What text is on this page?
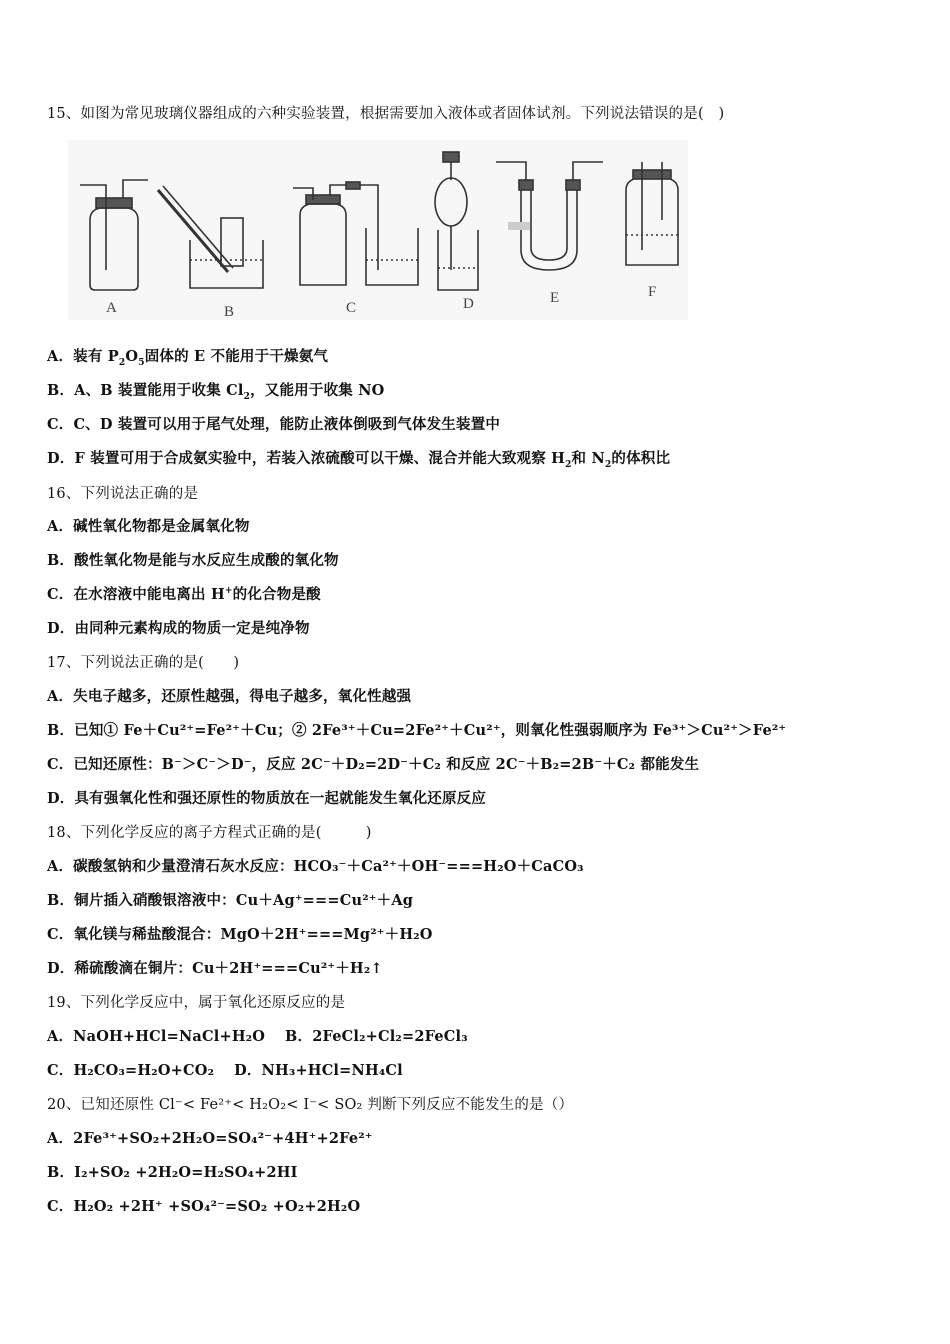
15、如图为常见玻璃仪器组成的六种实验装置，根据需要加入液体或者固体试剂。下列说法错误的是(　)
A	B	C	D	E	F
A．装有 $P_2O_5$固体的 E 不能用于干燥氨气
B．A、B 装置能用于收集 $Cl_2$，又能用于收集 NO
C．C、D 装置可以用于尾气处理，能防止液体倒吸到气体发生装置中
D．F 装置可用于合成氨实验中，若装入浓硫酸可以干燥、混合并能大致观察 $H_2$和 $N_2$的体积比
16、下列说法正确的是
A．碱性氧化物都是金属氧化物
B．酸性氧化物是能与水反应生成酸的氧化物
C．在水溶液中能电离出 H+的化合物是酸
D．由同种元素构成的物质一定是纯净物
17、下列说法正确的是(　　)
A．失电子越多，还原性越强，得电子越多，氧化性越强
B．已知① Fe＋Cu²⁺=Fe²⁺＋Cu；② 2Fe³⁺＋Cu=2Fe²⁺＋Cu²⁺，则氧化性强弱顺序为 Fe³⁺＞Cu²⁺＞Fe²⁺
C．已知还原性：B⁻＞C⁻＞D⁻，反应 2C⁻＋D₂=2D⁻＋C₂ 和反应 2C⁻＋B₂=2B⁻＋C₂ 都能发生
D．具有强氧化性和强还原性的物质放在一起就能发生氧化还原反应
18、下列化学反应的离子方程式正确的是(　　　)
A．碳酸氢钠和少量澄清石灰水反应：HCO₃⁻＋Ca²⁺＋OH⁻===H₂O＋CaCO₃
B．铜片插入硝酸银溶液中：Cu＋Ag⁺===Cu²⁺＋Ag
C．氧化镁与稀盐酸混合：MgO＋2H⁺===Mg²⁺＋H₂O
D．稀硫酸滴在铜片：Cu＋2H⁺===Cu²⁺＋H₂↑
19、下列化学反应中，属于氧化还原反应的是
A．NaOH+HCl=NaCl+H₂O　 B．2FeCl₂+Cl₂=2FeCl₃
C．H₂CO₃=H₂O+CO₂　 D．NH₃+HCl=NH₄Cl
20、已知还原性 Cl⁻< Fe²⁺< H₂O₂< I⁻< SO₂ 判断下列反应不能发生的是（）
A．2Fe³⁺+SO₂+2H₂O=SO₄²⁻+4H⁺+2Fe²⁺
B．I₂+SO₂ +2H₂O=H₂SO₄+2HI
C．H₂O₂ +2H⁺ +SO₄²⁻=SO₂ +O₂+2H₂O
